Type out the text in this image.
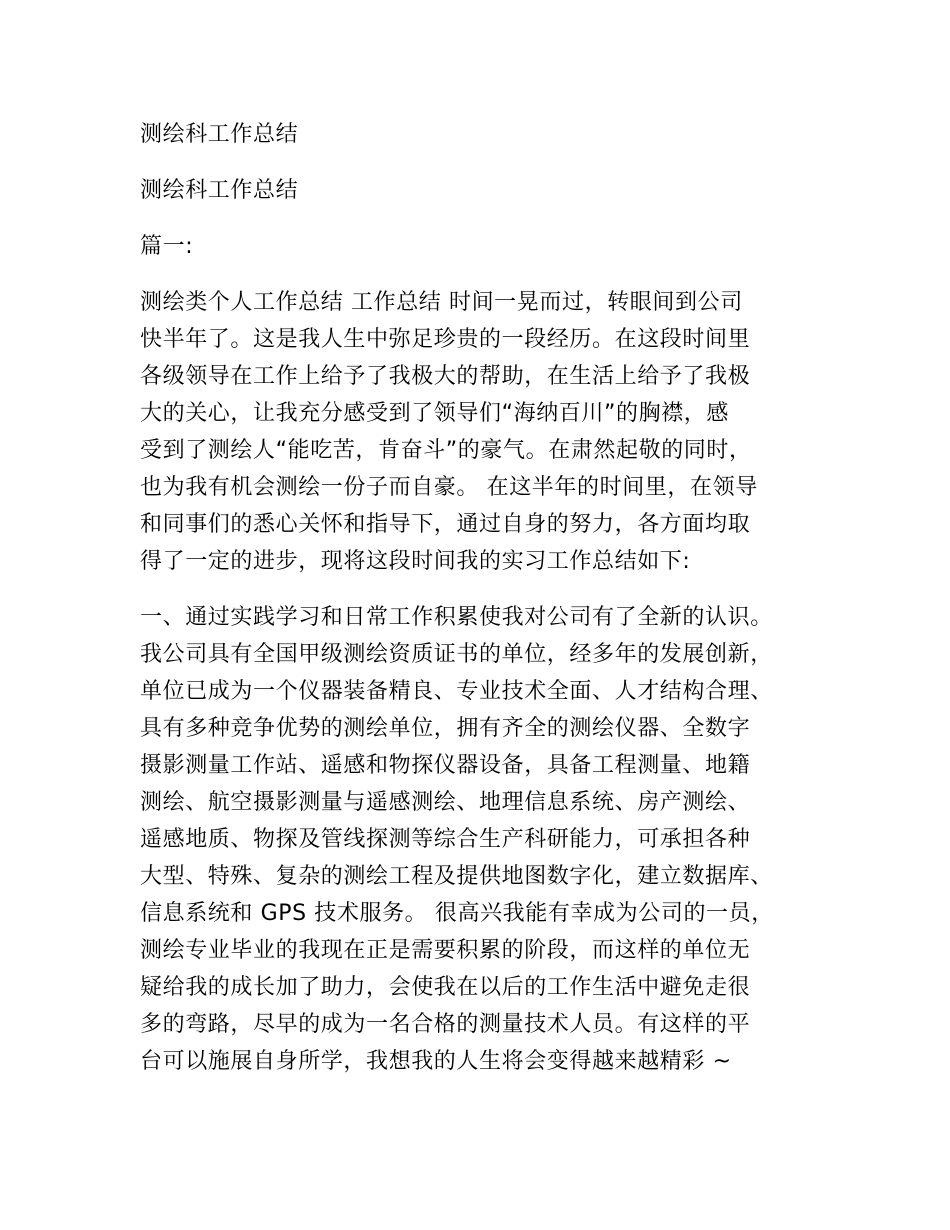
测绘科工作总结
测绘科工作总结
篇一:
测绘类个人工作总结 工作总结 时间一晃而过，转眼间到公司
快半年了。这是我人生中弥足珍贵的一段经历。在这段时间里
各级领导在工作上给予了我极大的帮助，在生活上给予了我极
大的关心，让我充分感受到了领导们“海纳百川”的胸襟，感
受到了测绘人“能吃苦，肯奋斗”的豪气。在肃然起敬的同时，
也为我有机会测绘一份子而自豪。 在这半年的时间里，在领导
和同事们的悉心关怀和指导下，通过自身的努力，各方面均取
得了一定的进步，现将这段时间我的实习工作总结如下:
一、通过实践学习和日常工作积累使我对公司有了全新的认识。
我公司具有全国甲级测绘资质证书的单位，经多年的发展创新，
单位已成为一个仪器装备精良、专业技术全面、人才结构合理、
具有多种竞争优势的测绘单位，拥有齐全的测绘仪器、全数字
摄影测量工作站、遥感和物探仪器设备，具备工程测量、地籍
测绘、航空摄影测量与遥感测绘、地理信息系统、房产测绘、
遥感地质、物探及管线探测等综合生产科研能力，可承担各种
大型、特殊、复杂的测绘工程及提供地图数字化，建立数据库、
信息系统和 GPS 技术服务。 很高兴我能有幸成为公司的一员，
测绘专业毕业的我现在正是需要积累的阶段，而这样的单位无
疑给我的成长加了助力，会使我在以后的工作生活中避免走很
多的弯路，尽早的成为一名合格的测量技术人员。有这样的平
台可以施展自身所学，我想我的人生将会变得越来越精彩 ~
